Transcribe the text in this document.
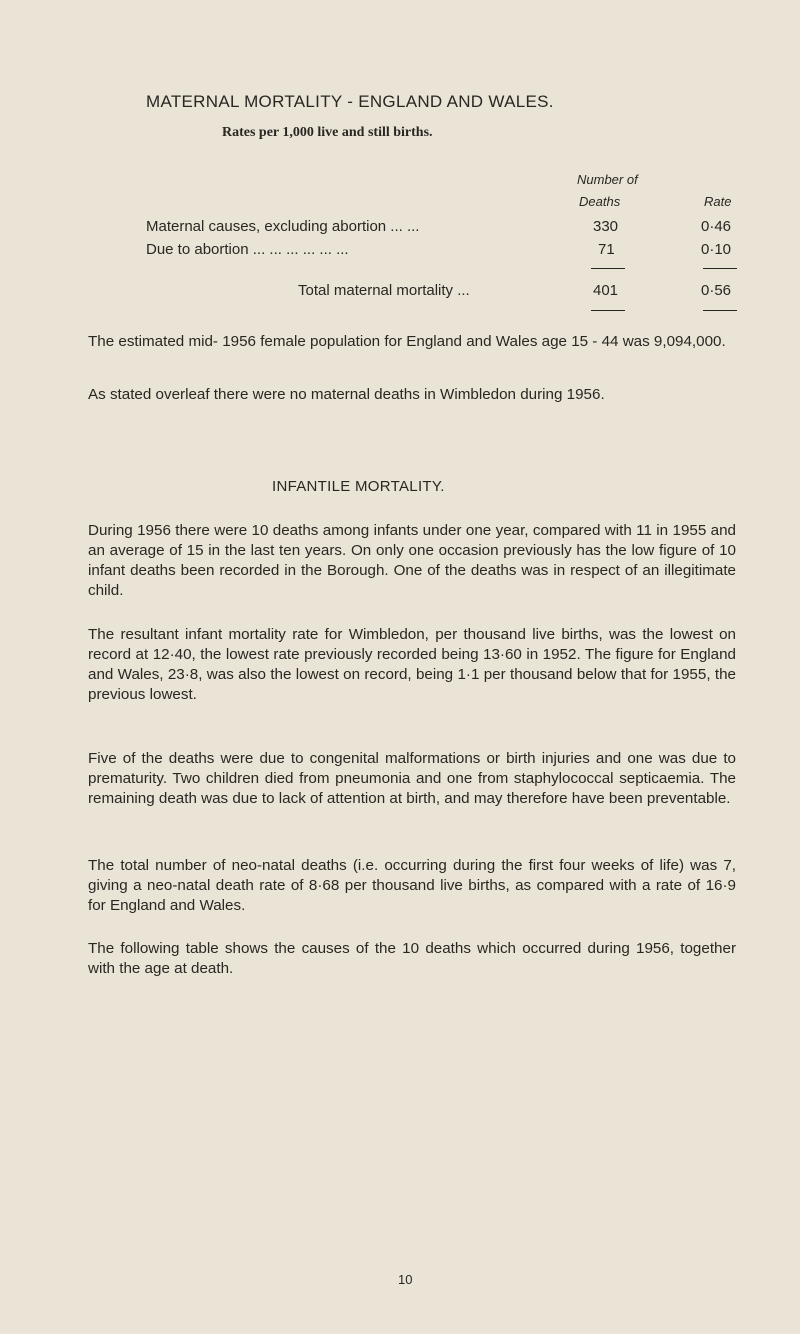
MATERNAL MORTALITY - ENGLAND AND WALES.
Rates per 1,000 live and still births.
Number of
Deaths	Rate
Maternal causes, excluding abortion ... ...	330	0·46
Due to abortion ... ... ... ... ... ...	71	0·10
Total maternal mortality ...	401	0·56

The estimated mid- 1956 female population for England and Wales age 15 - 44 was 9,094,000.

As stated overleaf there were no maternal deaths in Wimbledon during 1956.

INFANTILE MORTALITY.

During 1956 there were 10 deaths among infants under one year, compared with 11 in 1955 and an average of 15 in the last ten years. On only one occasion previously has the low figure of 10 infant deaths been recorded in the Borough. One of the deaths was in respect of an illegitimate child.

The resultant infant mortality rate for Wimbledon, per thousand live births, was the lowest on record at 12·40, the lowest rate previously recorded being 13·60 in 1952. The figure for England and Wales, 23·8, was also the lowest on record, being 1·1 per thousand below that for 1955, the previous lowest.

Five of the deaths were due to congenital malformations or birth injuries and one was due to prematurity. Two children died from pneumonia and one from staphylococcal septicaemia. The remaining death was due to lack of attention at birth, and may therefore have been preventable.

The total number of neo-natal deaths (i.e. occurring during the first four weeks of life) was 7, giving a neo-natal death rate of 8·68 per thousand live births, as compared with a rate of 16·9 for England and Wales.

The following table shows the causes of the 10 deaths which occurred during 1956, together with the age at death.

10
